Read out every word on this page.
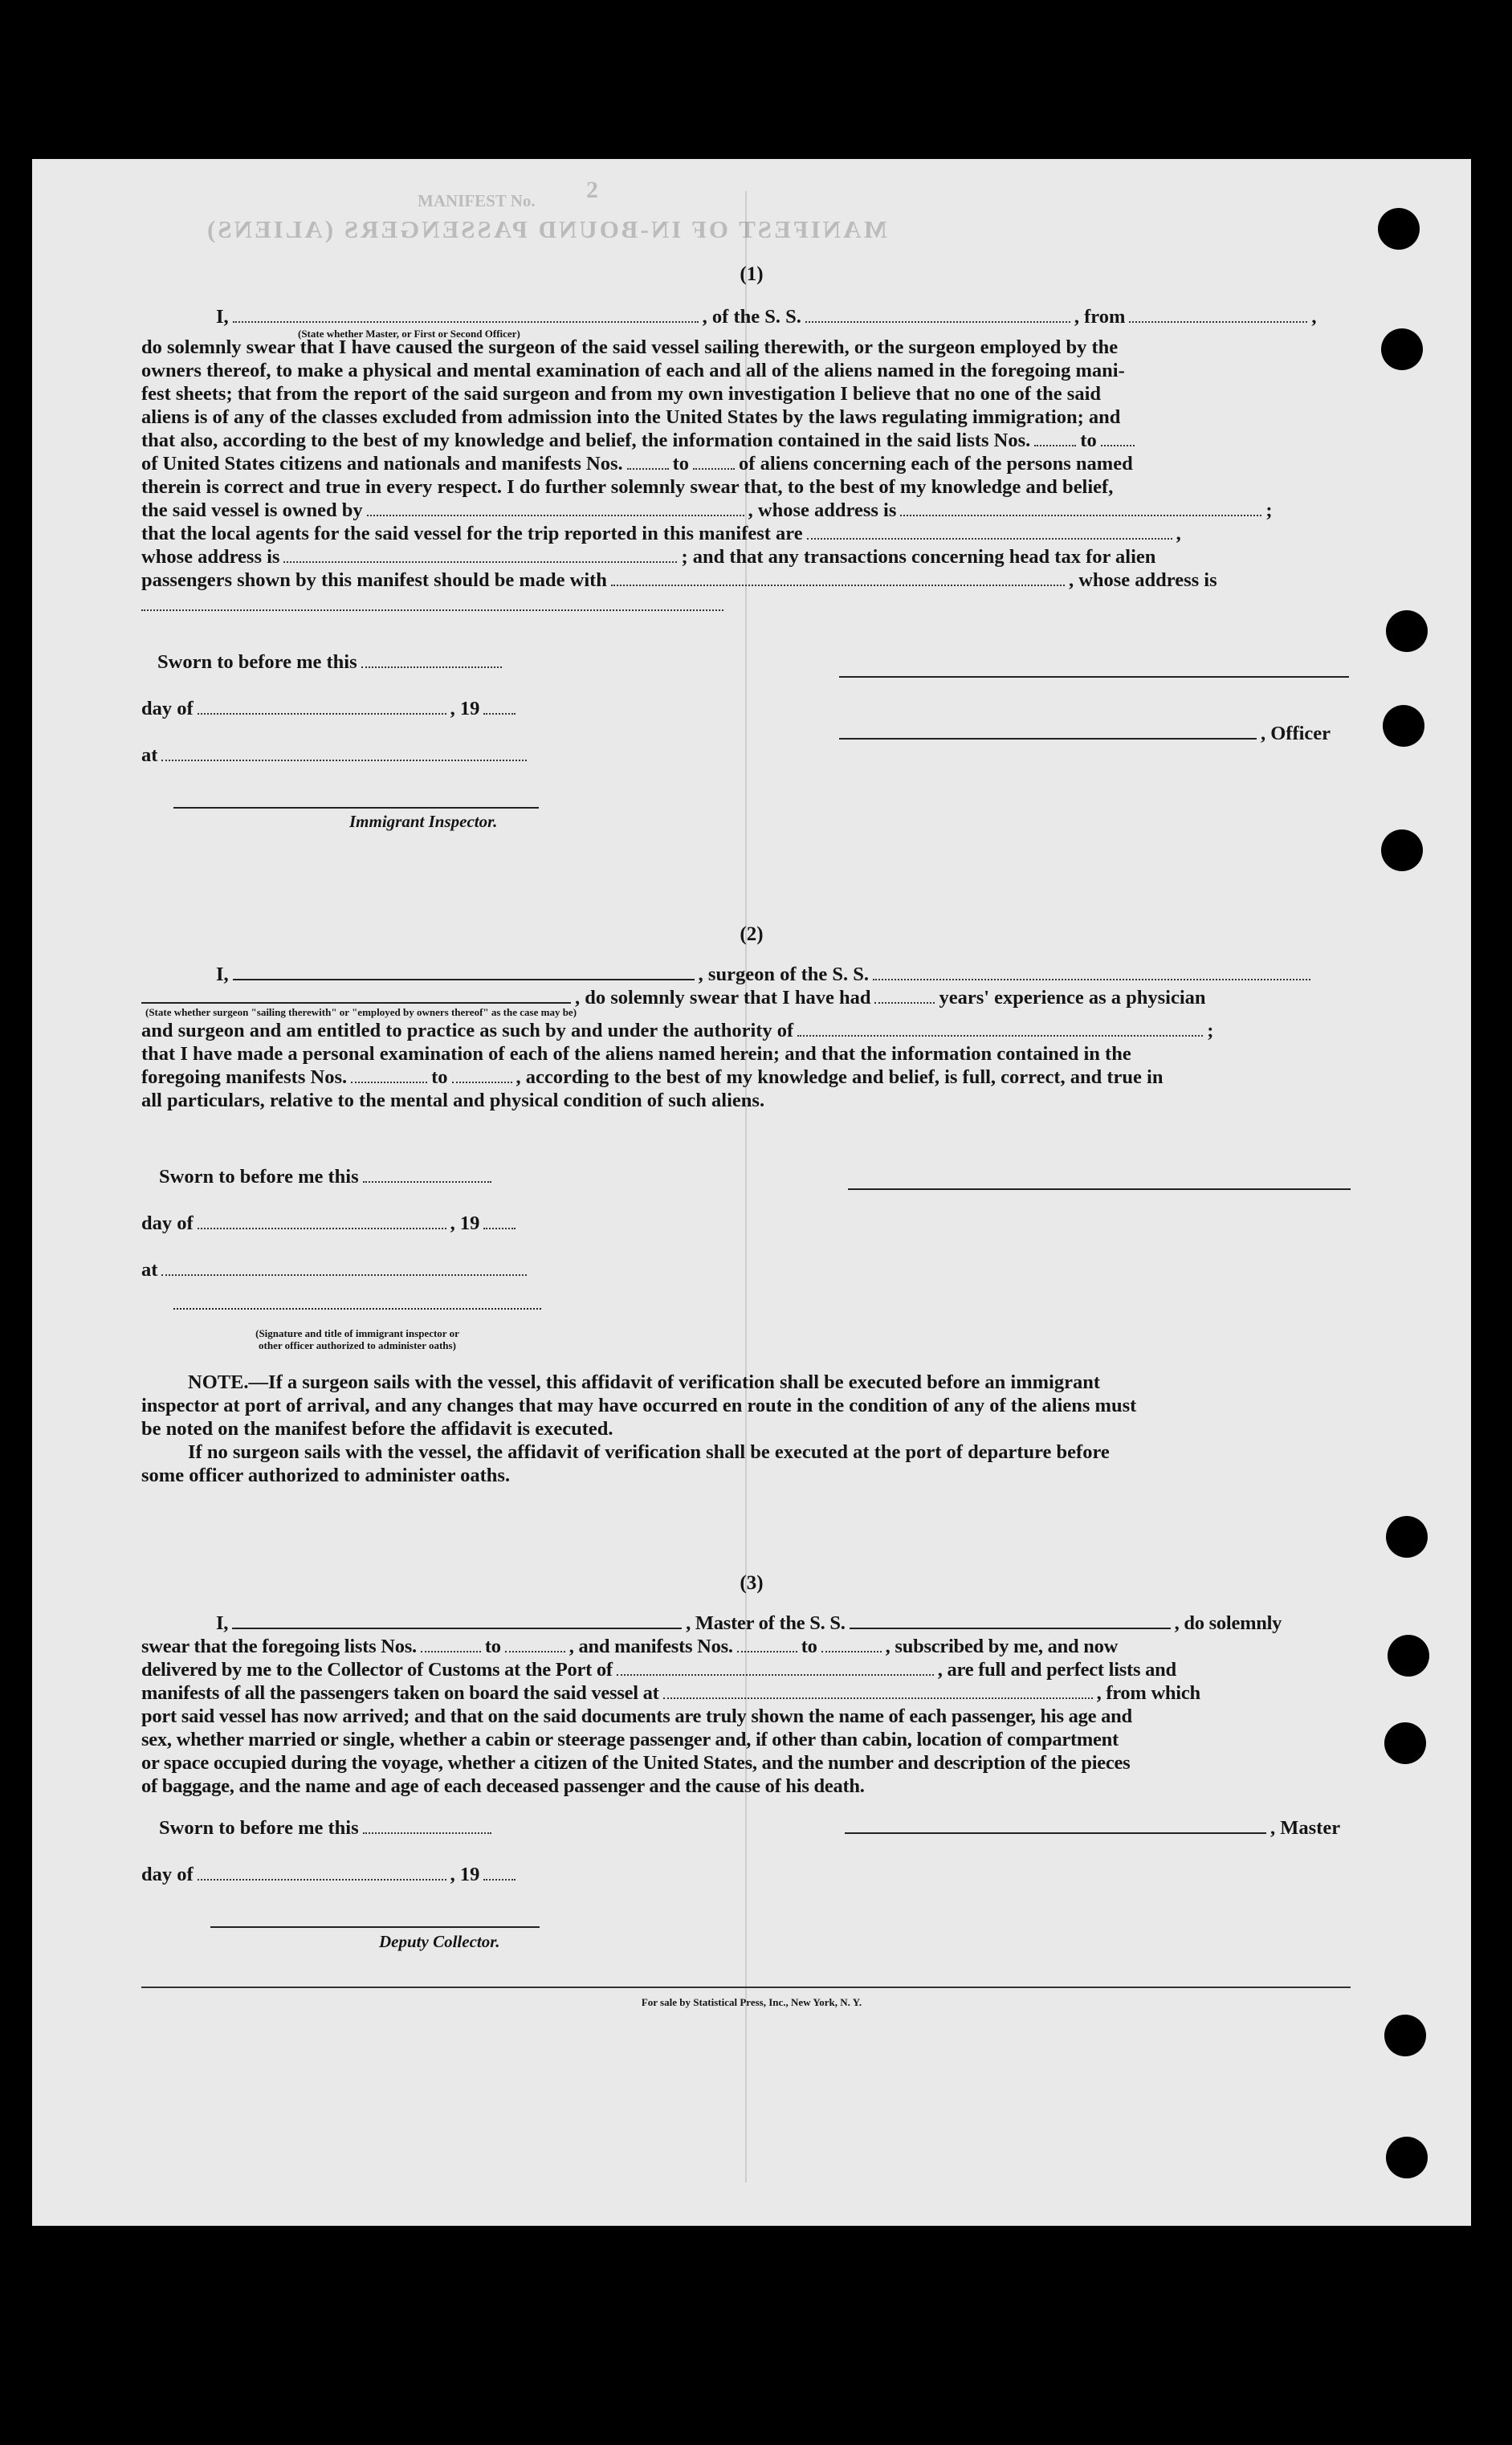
MANIFEST No. 2
MANIFEST OF IN-BOUND PASSENGERS (ALIENS)
(1)
I,	, of the S. S.	, from	,
(State whether Master, or First or Second Officer)
do solemnly swear that I have caused the surgeon of the said vessel sailing therewith, or the surgeon employed by the
owners thereof, to make a physical and mental examination of each and all of the aliens named in the foregoing mani-
fest sheets; that from the report of the said surgeon and from my own investigation I believe that no one of the said
aliens is of any of the classes excluded from admission into the United States by the laws regulating immigration; and
that also, according to the best of my knowledge and belief, the information contained in the said lists Nos.	to
of United States citizens and nationals and manifests Nos.	to	of aliens concerning each of the persons named
therein is correct and true in every respect. I do further solemnly swear that, to the best of my knowledge and belief,
the said vessel is owned by	, whose address is	;
that the local agents for the said vessel for the trip reported in this manifest are	,
whose address is	; and that any transactions concerning head tax for alien
passengers shown by this manifest should be made with	, whose address is
Sworn to before me this
day of	, 19
at
Immigrant Inspector.
, Officer
(2)
I,	, surgeon of the S. S.
, do solemnly swear that I have had	years' experience as a physician
(State whether surgeon "sailing therewith" or "employed by owners thereof" as the case may be)
and surgeon and am entitled to practice as such by and under the authority of	;
that I have made a personal examination of each of the aliens named herein; and that the information contained in the
foregoing manifests Nos.	to	, according to the best of my knowledge and belief, is full, correct, and true in
all particulars, relative to the mental and physical condition of such aliens.
Sworn to before me this
day of	, 19
at
(Signature and title of immigrant inspector or
other officer authorized to administer oaths)
NOTE.—If a surgeon sails with the vessel, this affidavit of verification shall be executed before an immigrant
inspector at port of arrival, and any changes that may have occurred en route in the condition of any of the aliens must
be noted on the manifest before the affidavit is executed.
If no surgeon sails with the vessel, the affidavit of verification shall be executed at the port of departure before
some officer authorized to administer oaths.
(3)
I,	, Master of the S. S.	, do solemnly
swear that the foregoing lists Nos.	to	, and manifests Nos.	to	, subscribed by me, and now
delivered by me to the Collector of Customs at the Port of	, are full and perfect lists and
manifests of all the passengers taken on board the said vessel at	, from which
port said vessel has now arrived; and that on the said documents are truly shown the name of each passenger, his age and
sex, whether married or single, whether a cabin or steerage passenger and, if other than cabin, location of compartment
or space occupied during the voyage, whether a citizen of the United States, and the number and description of the pieces
of baggage, and the name and age of each deceased passenger and the cause of his death.
Sworn to before me this
day of	, 19
, Master
Deputy Collector.
For sale by Statistical Press, Inc., New York, N. Y.
